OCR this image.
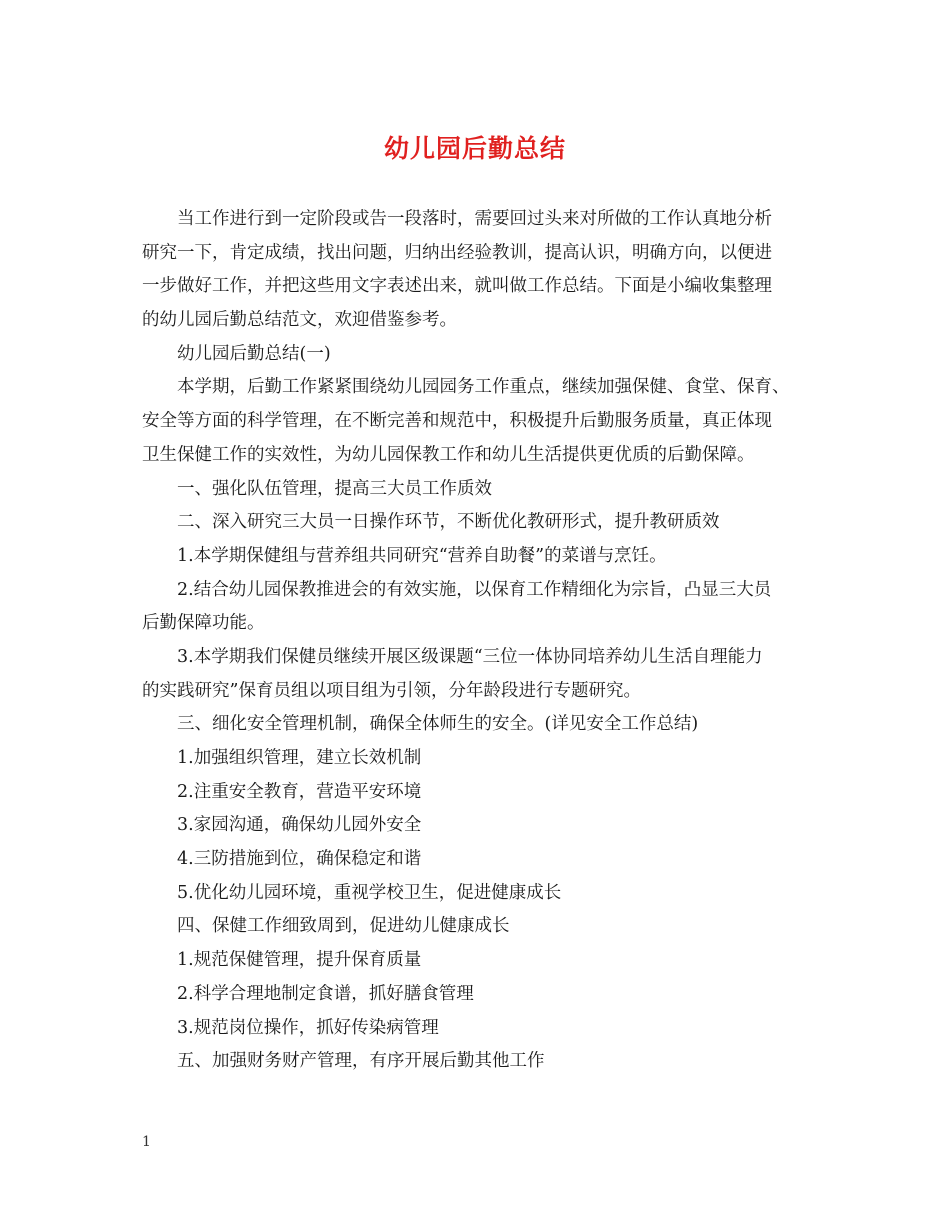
幼儿园后勤总结

当工作进行到一定阶段或告一段落时，需要回过头来对所做的工作认真地分析

研究一下，肯定成绩，找出问题，归纳出经验教训，提高认识，明确方向，以便进

一步做好工作，并把这些用文字表述出来，就叫做工作总结。下面是小编收集整理

的幼儿园后勤总结范文，欢迎借鉴参考。

幼儿园后勤总结(一)

本学期，后勤工作紧紧围绕幼儿园园务工作重点，继续加强保健、食堂、保育、

安全等方面的科学管理，在不断完善和规范中，积极提升后勤服务质量，真正体现

卫生保健工作的实效性，为幼儿园保教工作和幼儿生活提供更优质的后勤保障。

一、强化队伍管理，提高三大员工作质效

二、深入研究三大员一日操作环节，不断优化教研形式，提升教研质效

1.本学期保健组与营养组共同研究“营养自助餐”的菜谱与烹饪。

2.结合幼儿园保教推进会的有效实施，以保育工作精细化为宗旨，凸显三大员

后勤保障功能。

3.本学期我们保健员继续开展区级课题“三位一体协同培养幼儿生活自理能力

的实践研究”保育员组以项目组为引领，分年龄段进行专题研究。

三、细化安全管理机制，确保全体师生的安全。(详见安全工作总结)

1.加强组织管理，建立长效机制

2.注重安全教育，营造平安环境

3.家园沟通，确保幼儿园外安全

4.三防措施到位，确保稳定和谐

5.优化幼儿园环境，重视学校卫生，促进健康成长

四、保健工作细致周到，促进幼儿健康成长

1.规范保健管理，提升保育质量

2.科学合理地制定食谱，抓好膳食管理

3.规范岗位操作，抓好传染病管理

五、加强财务财产管理，有序开展后勤其他工作

1
